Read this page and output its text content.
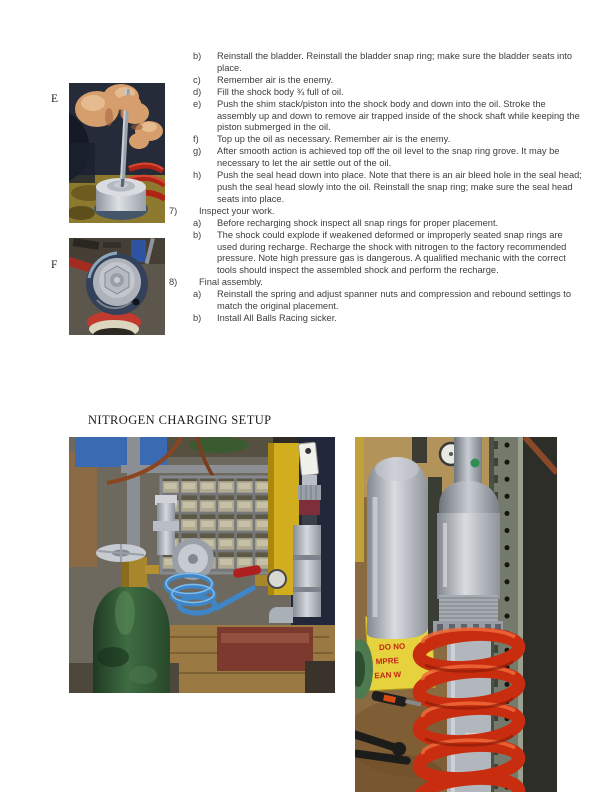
E
F
b)	Reinstall the bladder. Reinstall the bladder snap ring; make sure the bladder seats into place.
c)	Remember air is the enemy.
d)	Fill the shock body ¾ full of oil.
e)	Push the shim stack/piston into the shock body and down into the oil. Stroke the assembly up and down to remove air trapped inside of the shock shaft while keeping the piston submerged in the oil.
f)	Top up the oil as necessary. Remember air is the enemy.
g)	After smooth action is achieved top off the oil level to the snap ring grove. It may be necessary to let the air settle out of the oil.
h)	Push the seal head down into place. Note that there is an air bleed hole in the seal head; push the seal head slowly into the oil. Reinstall the snap ring; make sure the seal head seats into place.
7)	Inspect your work.
a)	Before recharging shock inspect all snap rings for proper placement.
b)	The shock could explode if weakened deformed or improperly seated snap rings are used during recharge. Recharge the shock with nitrogen to the factory recommended pressure. Note high pressure gas is dangerous. A qualified mechanic with the correct tools should inspect the assembled shock and perform the recharge.
8)	Final assembly.
a)	Reinstall the spring and adjust spanner nuts and compression and rebound settings to match the original placement.
b)	Install All Balls Racing sicker.
NITROGEN CHARGING SETUP
DO NO
MPRE
EAN W
